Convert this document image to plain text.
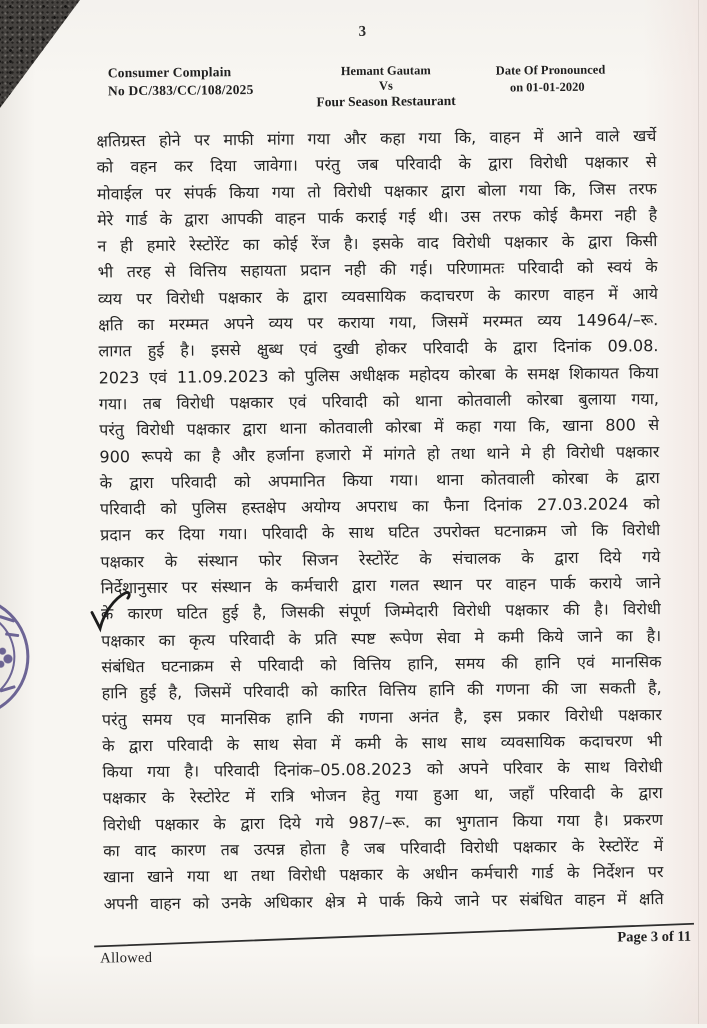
3
Consumer Complain
No DC/383/CC/108/2025
Hemant Gautam
Vs
Four Season Restaurant
Date Of Pronounced
on 01-01-2020
क्षतिग्रस्त होने पर माफी मांगा गया और कहा गया कि, वाहन में आने वाले खर्चे
को वहन कर दिया जावेगा। परंतु जब परिवादी के द्वारा विरोधी पक्षकार से
मोवाईल पर संपर्क किया गया तो विरोधी पक्षकार द्वारा बोला गया कि, जिस तरफ
मेरे गार्ड के द्वारा आपकी वाहन पार्क कराई गई थी। उस तरफ कोई कैमरा नही है
न ही हमारे रेस्टोरेंट का कोई रेंज है। इसके वाद विरोधी पक्षकार के द्वारा किसी
भी तरह से वित्तिय सहायता प्रदान नही की गई। परिणामतः परिवादी को स्वयं के
व्यय पर विरोधी पक्षकार के द्वारा व्यवसायिक कदाचरण के कारण वाहन में आये
क्षति का मरम्मत अपने व्यय पर कराया गया, जिसमें मरम्मत व्यय 14964/–रू.
लागत हुई है। इससे क्षुब्ध एवं दुखी होकर परिवादी के द्वारा दिनांक 09.08.
2023 एवं 11.09.2023 को पुलिस अधीक्षक महोदय कोरबा के समक्ष शिकायत किया
गया। तब विरोधी पक्षकार एवं परिवादी को थाना कोतवाली कोरबा बुलाया गया,
परंतु विरोधी पक्षकार द्वारा थाना कोतवाली कोरबा में कहा गया कि, खाना 800 से
900 रूपये का है और हर्जाना हजारो में मांगते हो तथा थाने मे ही विरोधी पक्षकार
के द्वारा परिवादी को अपमानित किया गया। थाना कोतवाली कोरबा के द्वारा
परिवादी को पुलिस हस्तक्षेप अयोग्य अपराध का फैना दिनांक 27.03.2024 को
प्रदान कर दिया गया। परिवादी के साथ घटित उपरोक्त घटनाक्रम जो कि विरोधी
पक्षकार के संस्थान फोर सिजन रेस्टोरेंट के संचालक के द्वारा दिये गये
निर्देशानुसार पर संस्थान के कर्मचारी द्वारा गलत स्थान पर वाहन पार्क कराये जाने
के कारण घटित हुई है, जिसकी संपूर्ण जिम्मेदारी विरोधी पक्षकार की है। विरोधी
पक्षकार का कृत्य परिवादी के प्रति स्पष्ट रूपेण सेवा मे कमी किये जाने का है।
संबंधित घटनाक्रम से परिवादी को वित्तिय हानि, समय की हानि एवं मानसिक
हानि हुई है, जिसमें परिवादी को कारित वित्तिय हानि की गणना की जा सकती है,
परंतु समय एव मानसिक हानि की गणना अनंत है, इस प्रकार विरोधी पक्षकार
के द्वारा परिवादी के साथ सेवा में कमी के साथ साथ व्यवसायिक कदाचरण भी
किया गया है। परिवादी दिनांक–05.08.2023 को अपने परिवार के साथ विरोधी
पक्षकार के रेस्टोरेट में रात्रि भोजन हेतु गया हुआ था, जहाँ परिवादी के द्वारा
विरोधी पक्षकार के द्वारा दिये गये 987/–रू. का भुगतान किया गया है। प्रकरण
का वाद कारण तब उत्पन्न होता है जब परिवादी विरोधी पक्षकार के रेस्टोरेंट में
खाना खाने गया था तथा विरोधी पक्षकार के अधीन कर्मचारी गार्ड के निर्देशन पर
अपनी वाहन को उनके अधिकार क्षेत्र मे पार्क किये जाने पर संबंधित वाहन में क्षति
Allowed
Page 3 of 11
